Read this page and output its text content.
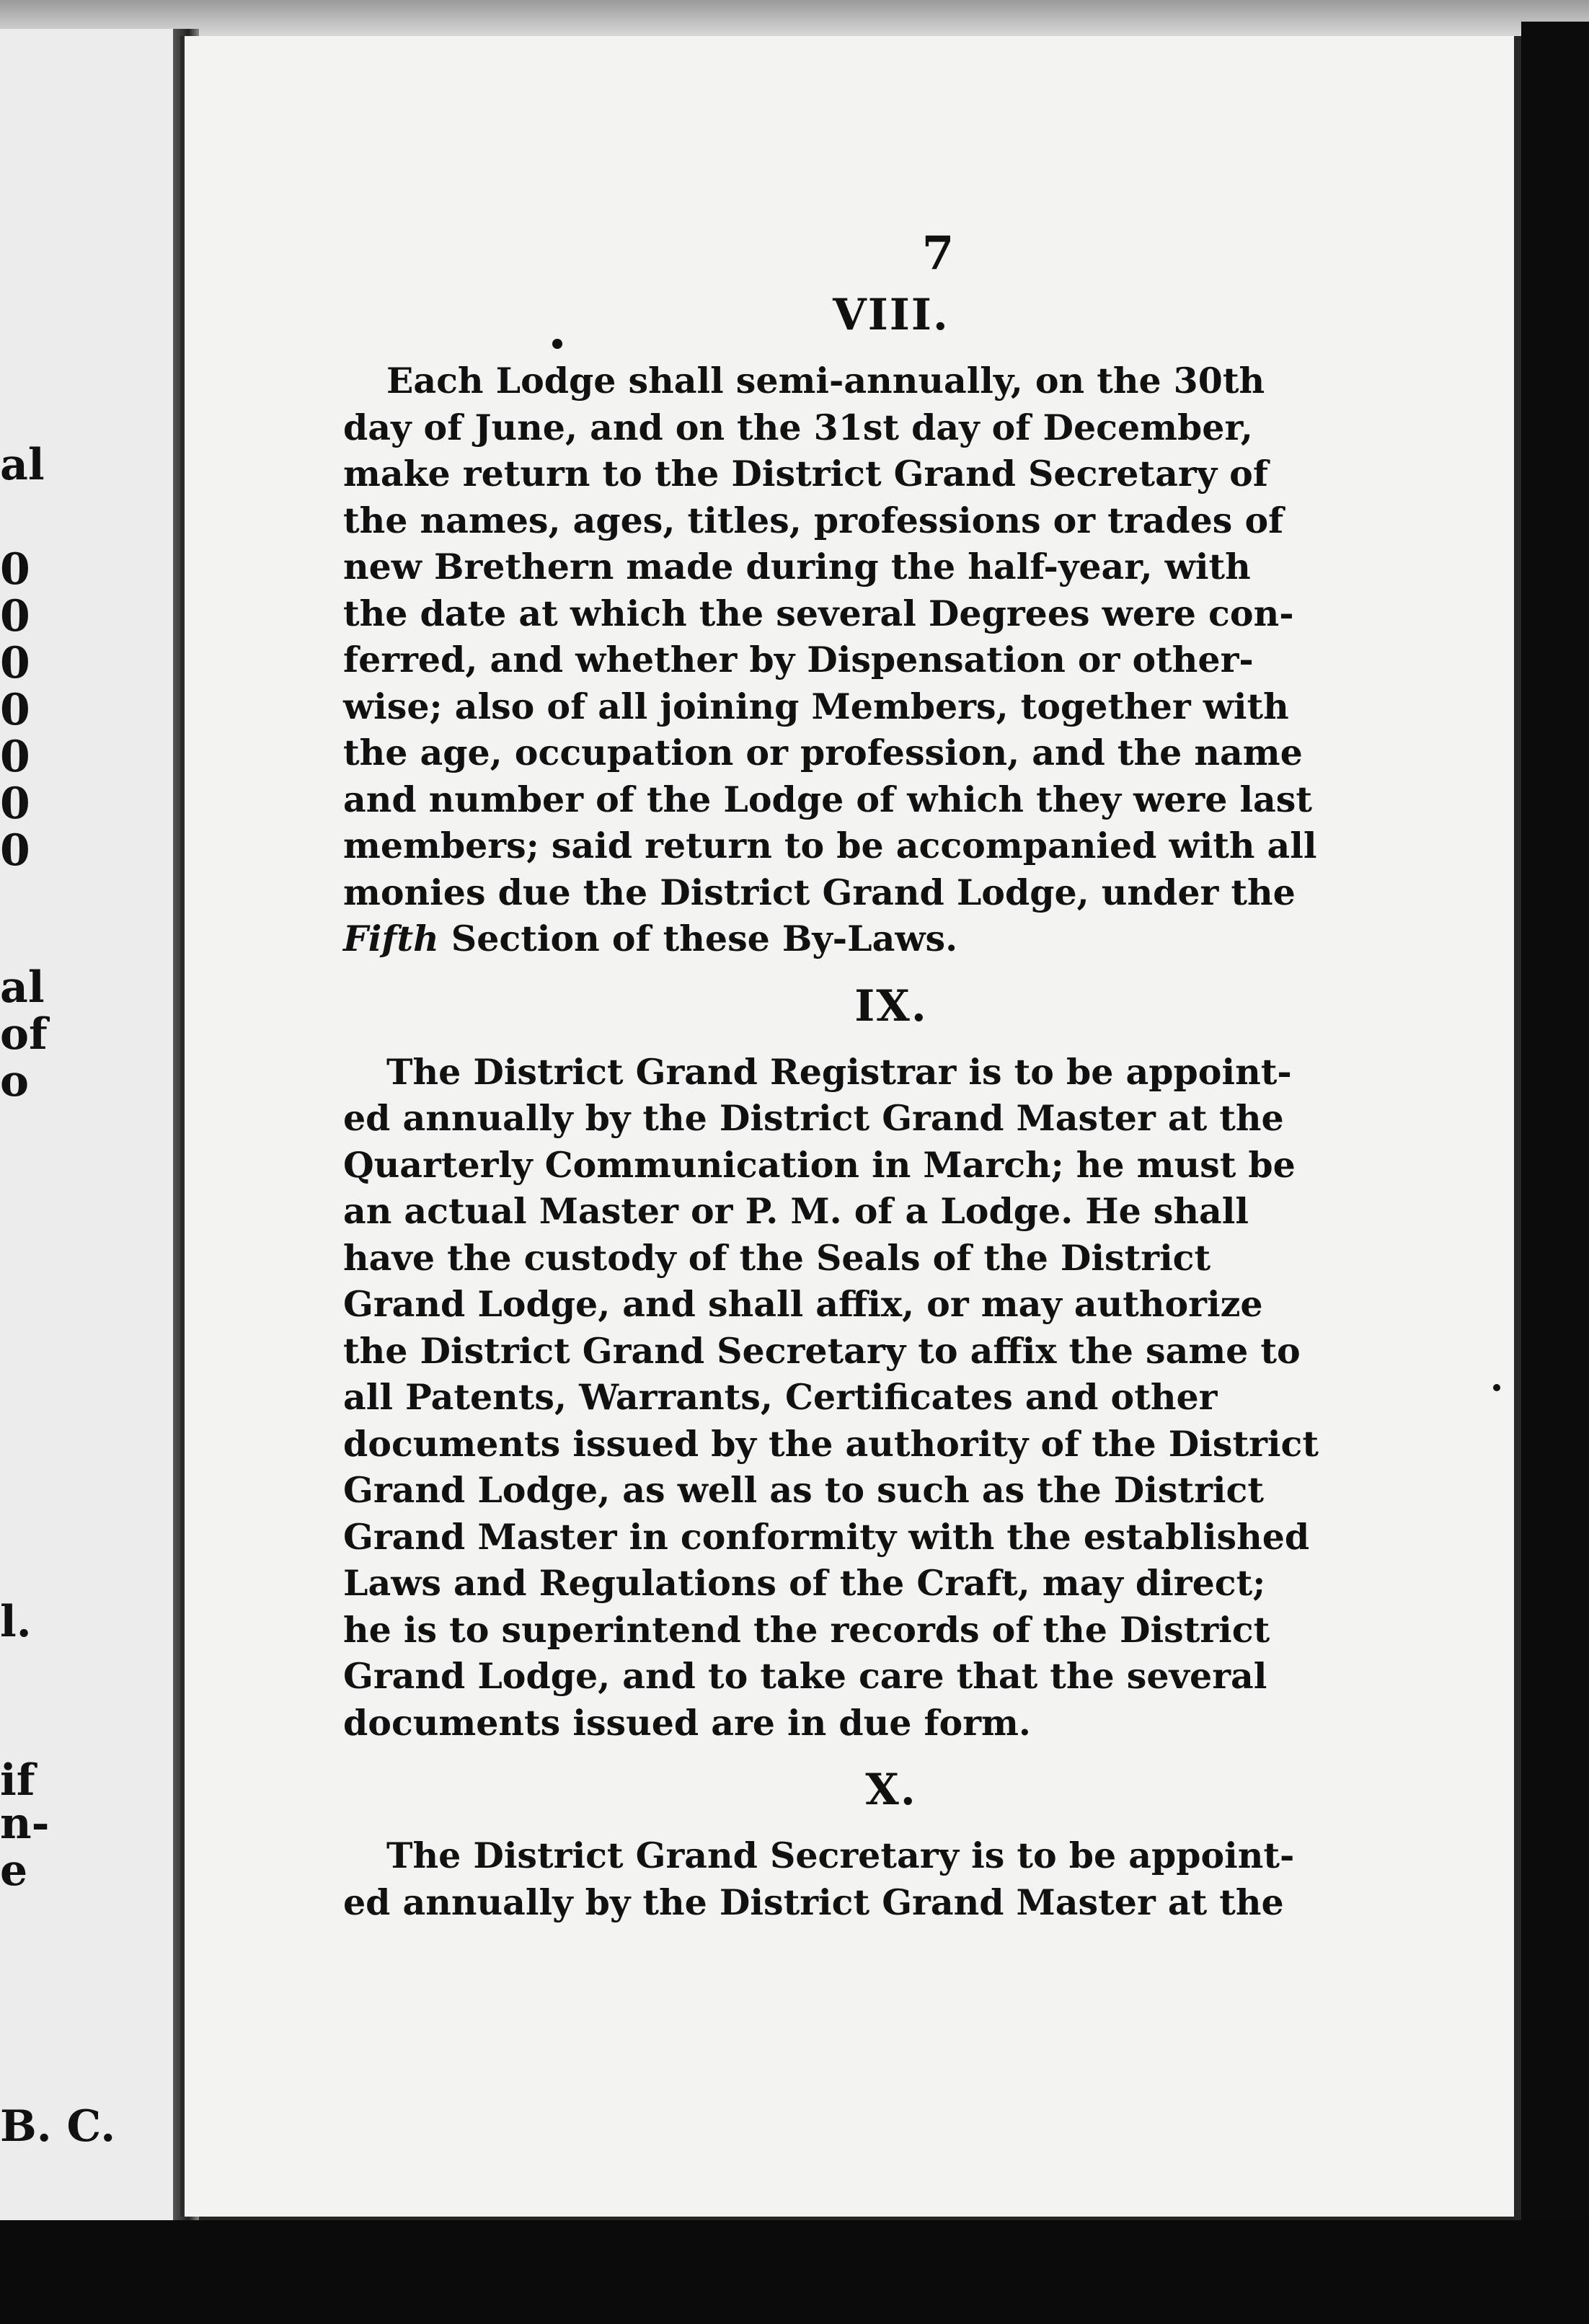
al
0
0
0
0
0
0
0
al
of
o
l.
if
n-
e
B. C.
7
VIII.
Each Lodge shall semi-annually, on the 30th
day of June, and on the 31st day of December,
make return to the District Grand Secretary of
the names, ages, titles, professions or trades of
new Brethern made during the half-year, with
the date at which the several Degrees were con-
ferred, and whether by Dispensation or other-
wise; also of all joining Members, together with
the age, occupation or profession, and the name
and number of the Lodge of which they were last
members; said return to be accompanied with all
monies due the District Grand Lodge, under the
Fifth Section of these By-Laws.
IX.
The District Grand Registrar is to be appoint-
ed annually by the District Grand Master at the
Quarterly Communication in March; he must be
an actual Master or P. M. of a Lodge. He shall
have the custody of the Seals of the District
Grand Lodge, and shall affix, or may authorize
the District Grand Secretary to affix the same to
all Patents, Warrants, Certificates and other
documents issued by the authority of the District
Grand Lodge, as well as to such as the District
Grand Master in conformity with the established
Laws and Regulations of the Craft, may direct;
he is to superintend the records of the District
Grand Lodge, and to take care that the several
documents issued are in due form.
X.
The District Grand Secretary is to be appoint-
ed annually by the District Grand Master at the
